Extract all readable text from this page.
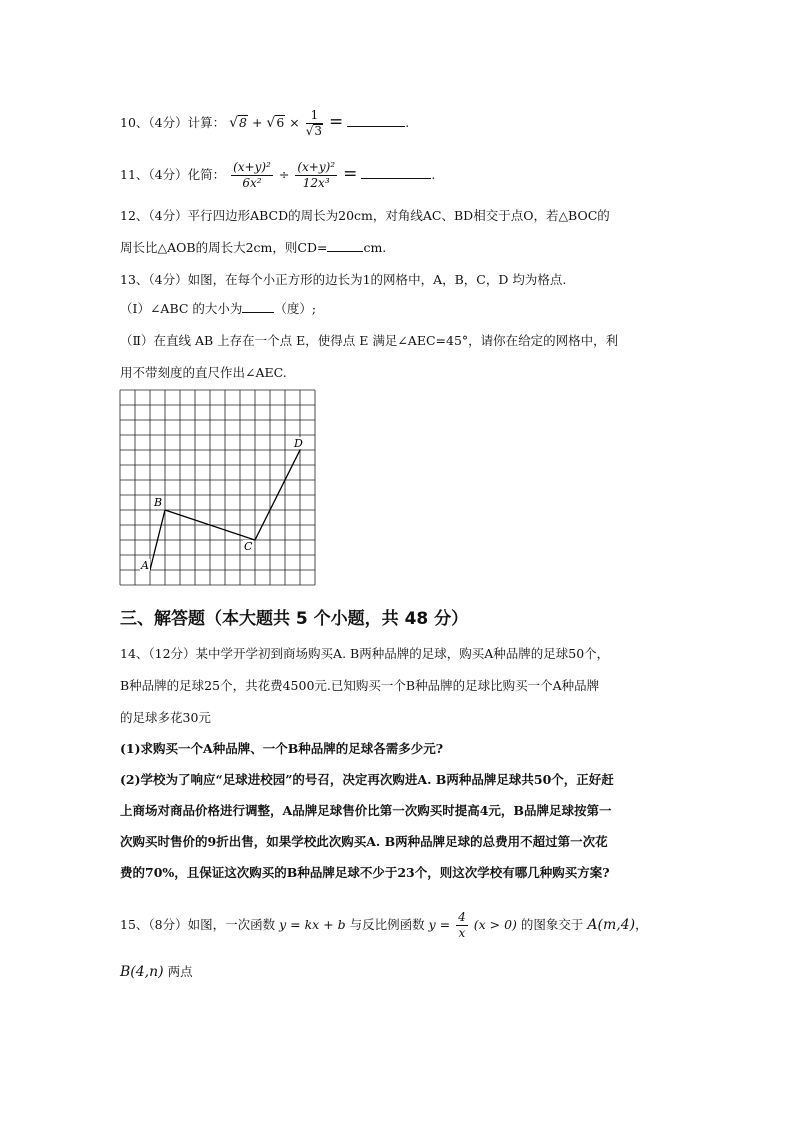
10、（4分）计算： $√8 + √6 \times \frac{1}{√3}$ =	.
11、（4分）化简： $\frac{\text{(x+y)²}}{\text{6x²}} \div \frac{\text{(x+y)²}}{\text{12x³}}$ =	.
12、（4分）平行四边形ABCD的周长为20cm，对角线AC、BD相交于点O，若△BOC的
周长比△AOB的周长大2cm，则CD=	cm.
13、（4分）如图，在每个小正方形的边长为1的网格中，A，B，C，D 均为格点.
（Ⅰ）∠ABC 的大小为	（度）;
（Ⅱ）在直线 AB 上存在一个点 E，使得点 E 满足∠AEC=45°，请你在给定的网格中，利
用不带刻度的直尺作出∠AEC.
A
B
C
D
三、解答题（本大题共 5 个小题，共 48 分）
14、（12分）某中学开学初到商场购买A. B两种品牌的足球，购买A种品牌的足球50个，
B种品牌的足球25个，共花费4500元.已知购买一个B种品牌的足球比购买一个A种品牌
的足球多花30元
(1)求购买一个A种品牌、一个B种品牌的足球各需多少元?
(2)学校为了响应“足球进校园”的号召，决定再次购进A. B两种品牌足球共50个，正好赶
上商场对商品价格进行调整，A品牌足球售价比第一次购买时提高4元，B品牌足球按第一
次购买时售价的9折出售，如果学校此次购买A. B两种品牌足球的总费用不超过第一次花
费的70%，且保证这次购买的B种品牌足球不少于23个，则这次学校有哪几种购买方案?
15、（8分）如图，一次函数 y = kx + b 与反比例函数 $y = \frac{4}{x} (x > 0)$ 的图象交于 A(m,4)，
B(4,n) 两点
